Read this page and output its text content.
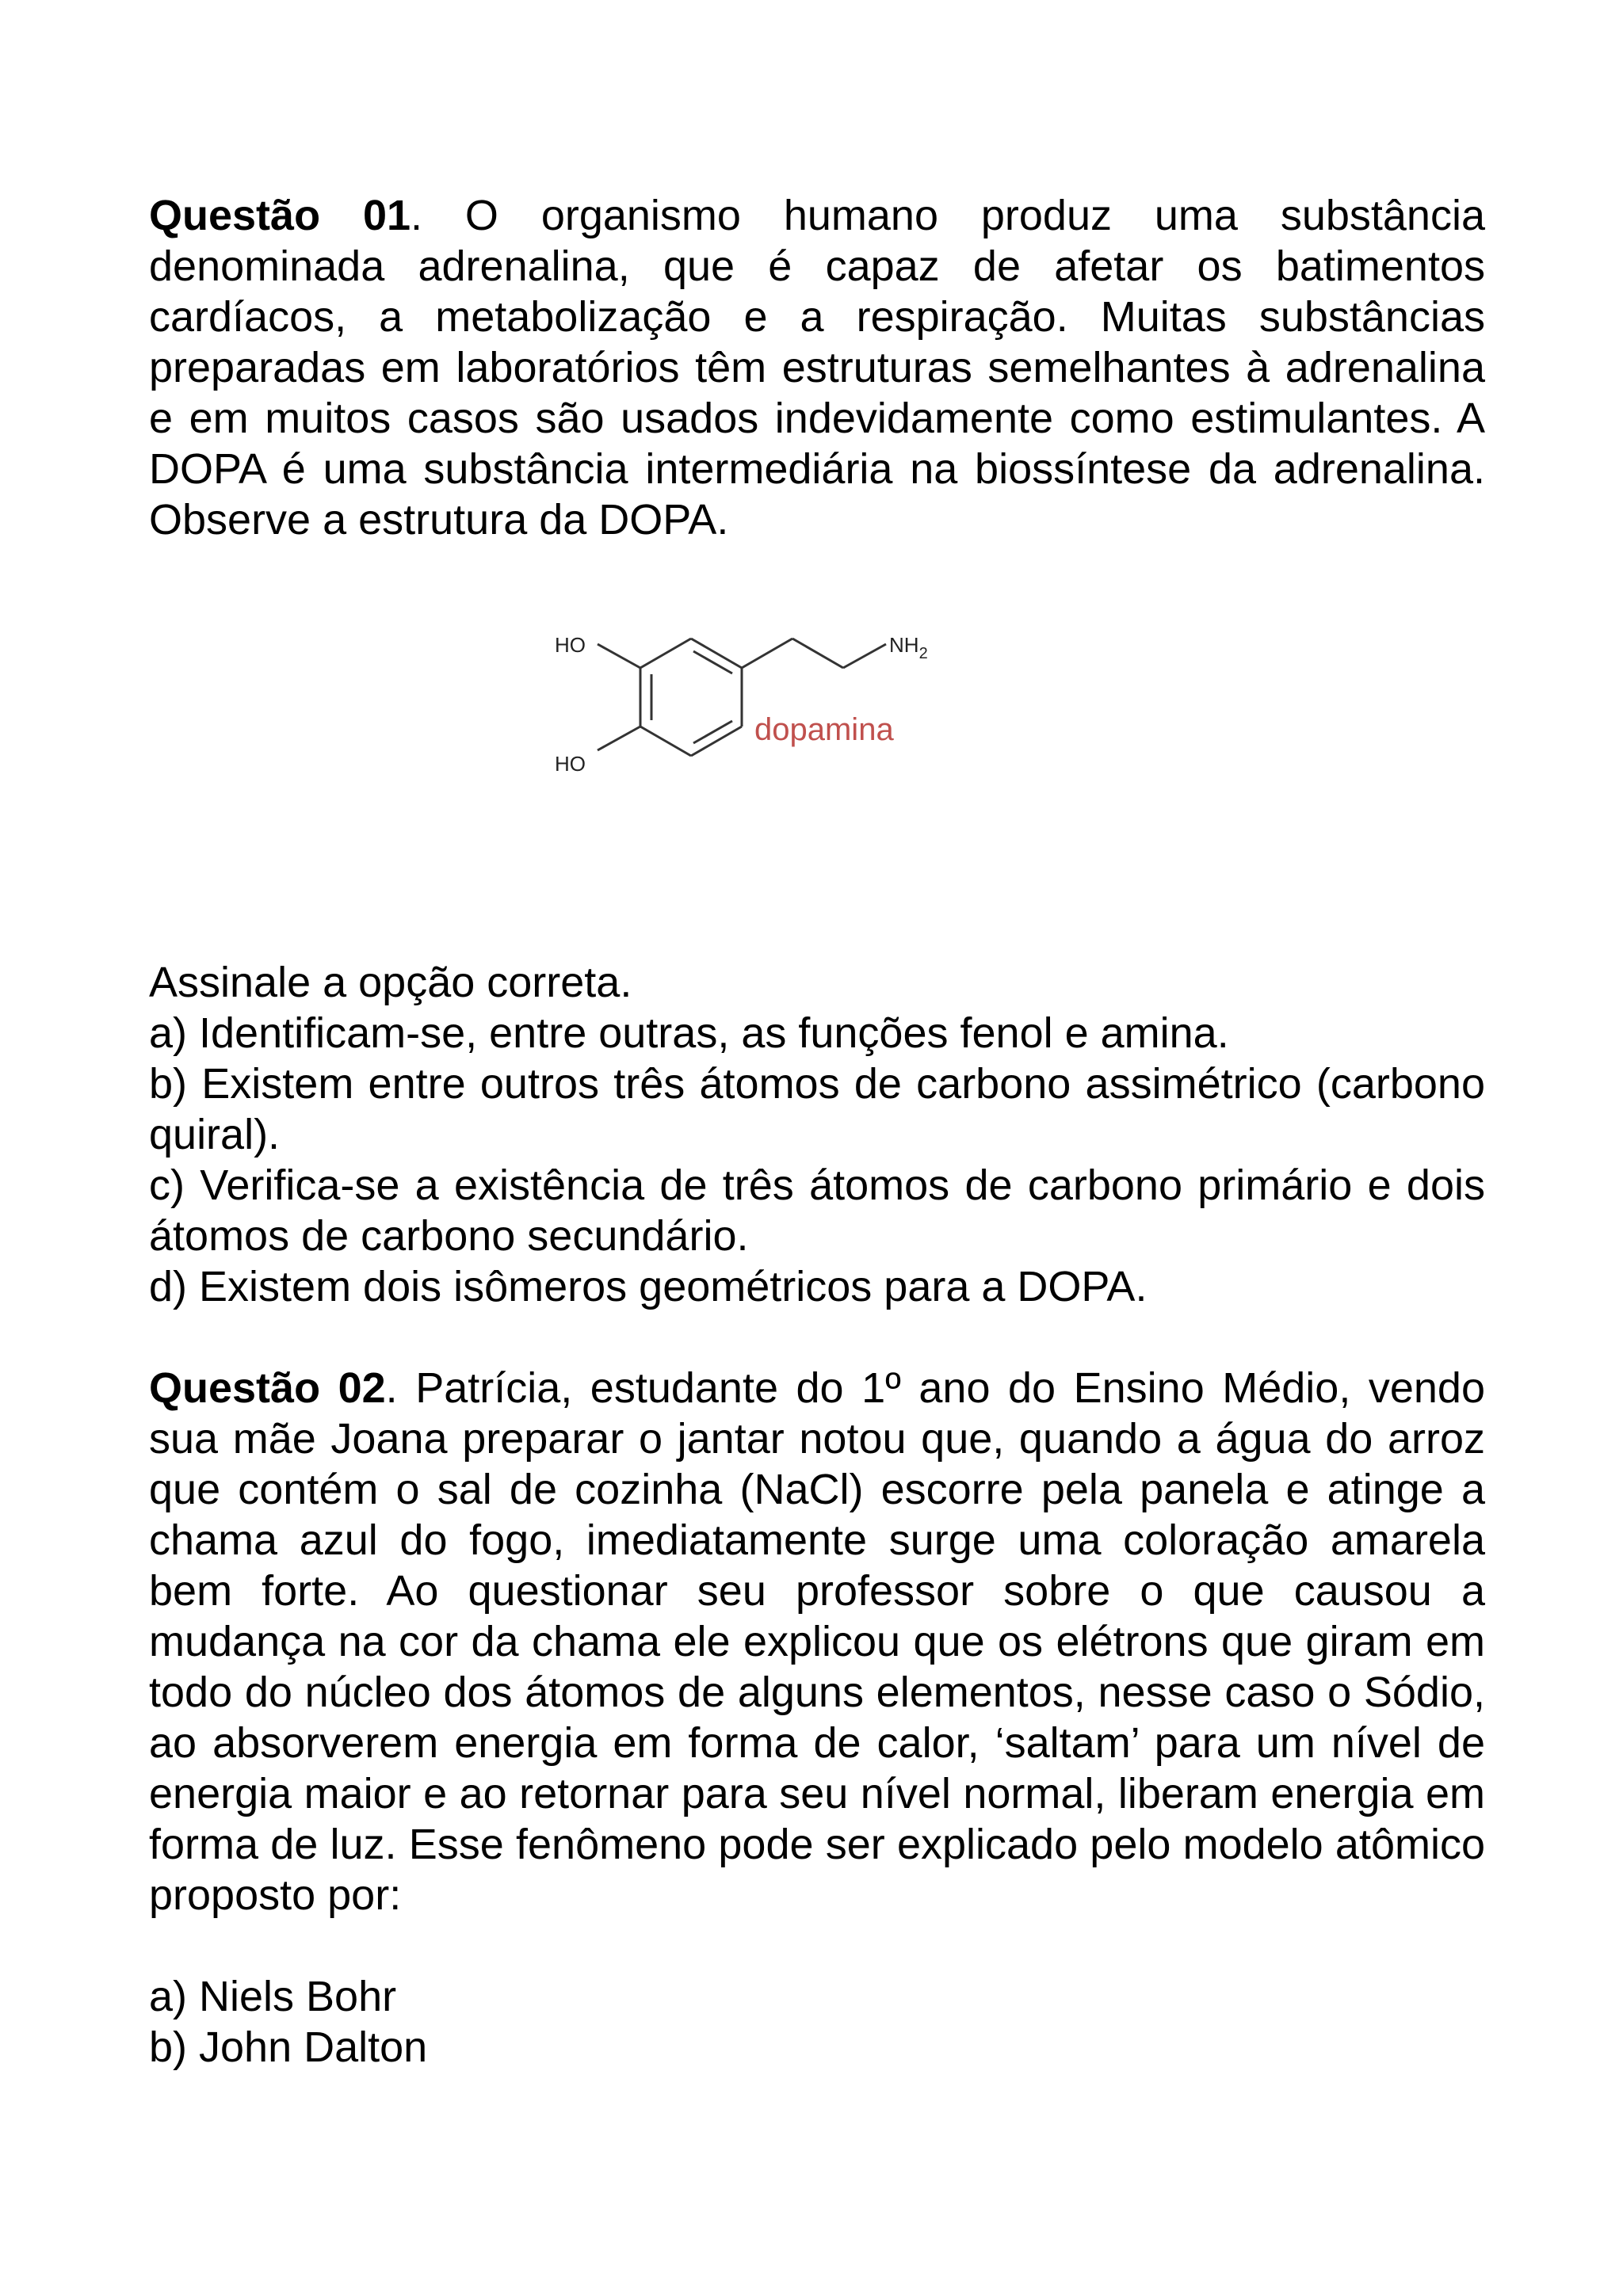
Questão 01. O organismo humano produz uma substância denominada adrenalina, que é capaz de afetar os batimentos cardíacos, a metabolização e a respiração. Muitas substâncias preparadas em laboratórios têm estruturas semelhantes à adrenalina e em muitos casos são usados indevidamente como estimulantes. A DOPA é uma substância intermediária na biossíntese da adrenalina. Observe a estrutura da DOPA.

HO
HO
$NH_2$
dopamina

Assinale a opção correta.

a) Identificam-se, entre outras, as funções fenol e amina.

b) Existem entre outros três átomos de carbono assimétrico (carbono quiral).

c) Verifica-se a existência de três átomos de carbono primário e dois átomos de carbono secundário.

d) Existem dois isômeros geométricos para a DOPA.

Questão 02. Patrícia, estudante do 1º ano do Ensino Médio, vendo sua mãe Joana preparar o jantar notou que, quando a água do arroz que contém o sal de cozinha (NaCl) escorre pela panela e atinge a chama azul do fogo, imediatamente surge uma coloração amarela bem forte. Ao questionar seu professor sobre o que causou a mudança na cor da chama ele explicou que os elétrons que giram em todo do núcleo dos átomos de alguns elementos, nesse caso o Sódio, ao absorverem energia em forma de calor, ‘saltam’ para um nível de energia maior e ao retornar para seu nível normal, liberam energia em forma de luz. Esse fenômeno pode ser explicado pelo modelo atômico proposto por:

a) Niels Bohr

b) John Dalton
